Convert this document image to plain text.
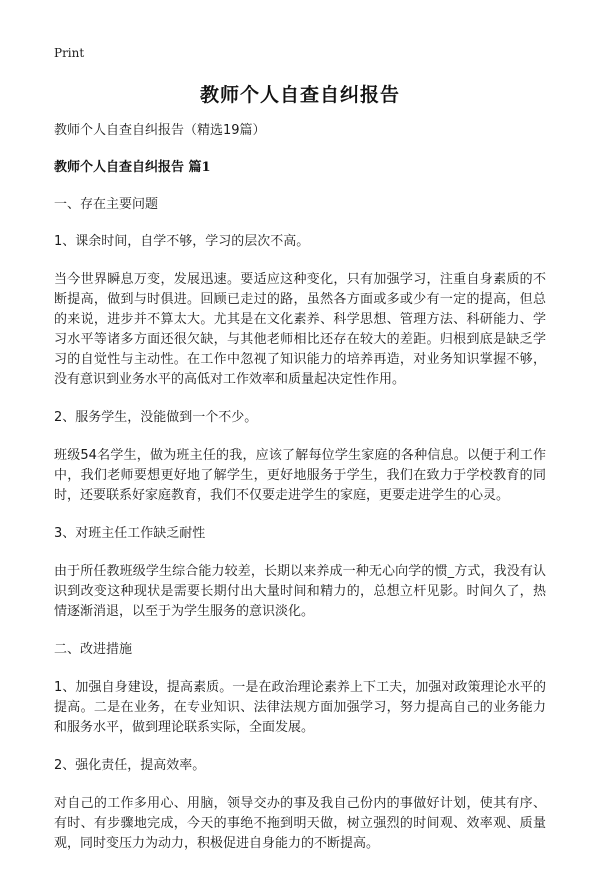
Print
教师个人自查自纠报告

教师个人自查自纠报告（精选19篇）

教师个人自查自纠报告 篇1

一、存在主要问题

1、课余时间，自学不够，学习的层次不高。

当今世界瞬息万变，发展迅速。要适应这种变化，只有加强学习，注重自身素质的不断提高，做到与时俱进。回顾已走过的路，虽然各方面或多或少有一定的提高，但总的来说，进步并不算太大。尤其是在文化素养、科学思想、管理方法、科研能力、学习水平等诸多方面还很欠缺，与其他老师相比还存在较大的差距。归根到底是缺乏学习的自觉性与主动性。在工作中忽视了知识能力的培养再造，对业务知识掌握不够，没有意识到业务水平的高低对工作效率和质量起决定性作用。

2、服务学生，没能做到一个不少。

班级54名学生，做为班主任的我，应该了解每位学生家庭的各种信息。以便于利工作中，我们老师要想更好地了解学生，更好地服务于学生，我们在致力于学校教育的同时，还要联系好家庭教育，我们不仅要走进学生的家庭，更要走进学生的心灵。

3、对班主任工作缺乏耐性

由于所任教班级学生综合能力较差，长期以来养成一种无心向学的惯_方式，我没有认识到改变这种现状是需要长期付出大量时间和精力的，总想立杆见影。时间久了，热情逐渐消退，以至于为学生服务的意识淡化。

二、改进措施

1、加强自身建设，提高素质。一是在政治理论素养上下工夫，加强对政策理论水平的提高。二是在业务，在专业知识、法律法规方面加强学习，努力提高自己的业务能力和服务水平，做到理论联系实际，全面发展。

2、强化责任，提高效率。

对自己的工作多用心、用脑，领导交办的事及我自己份内的事做好计划，使其有序、有时、有步骤地完成，今天的事绝不拖到明天做，树立强烈的时间观、效率观、质量观，同时变压力为动力，积极促进自身能力的不断提高。
